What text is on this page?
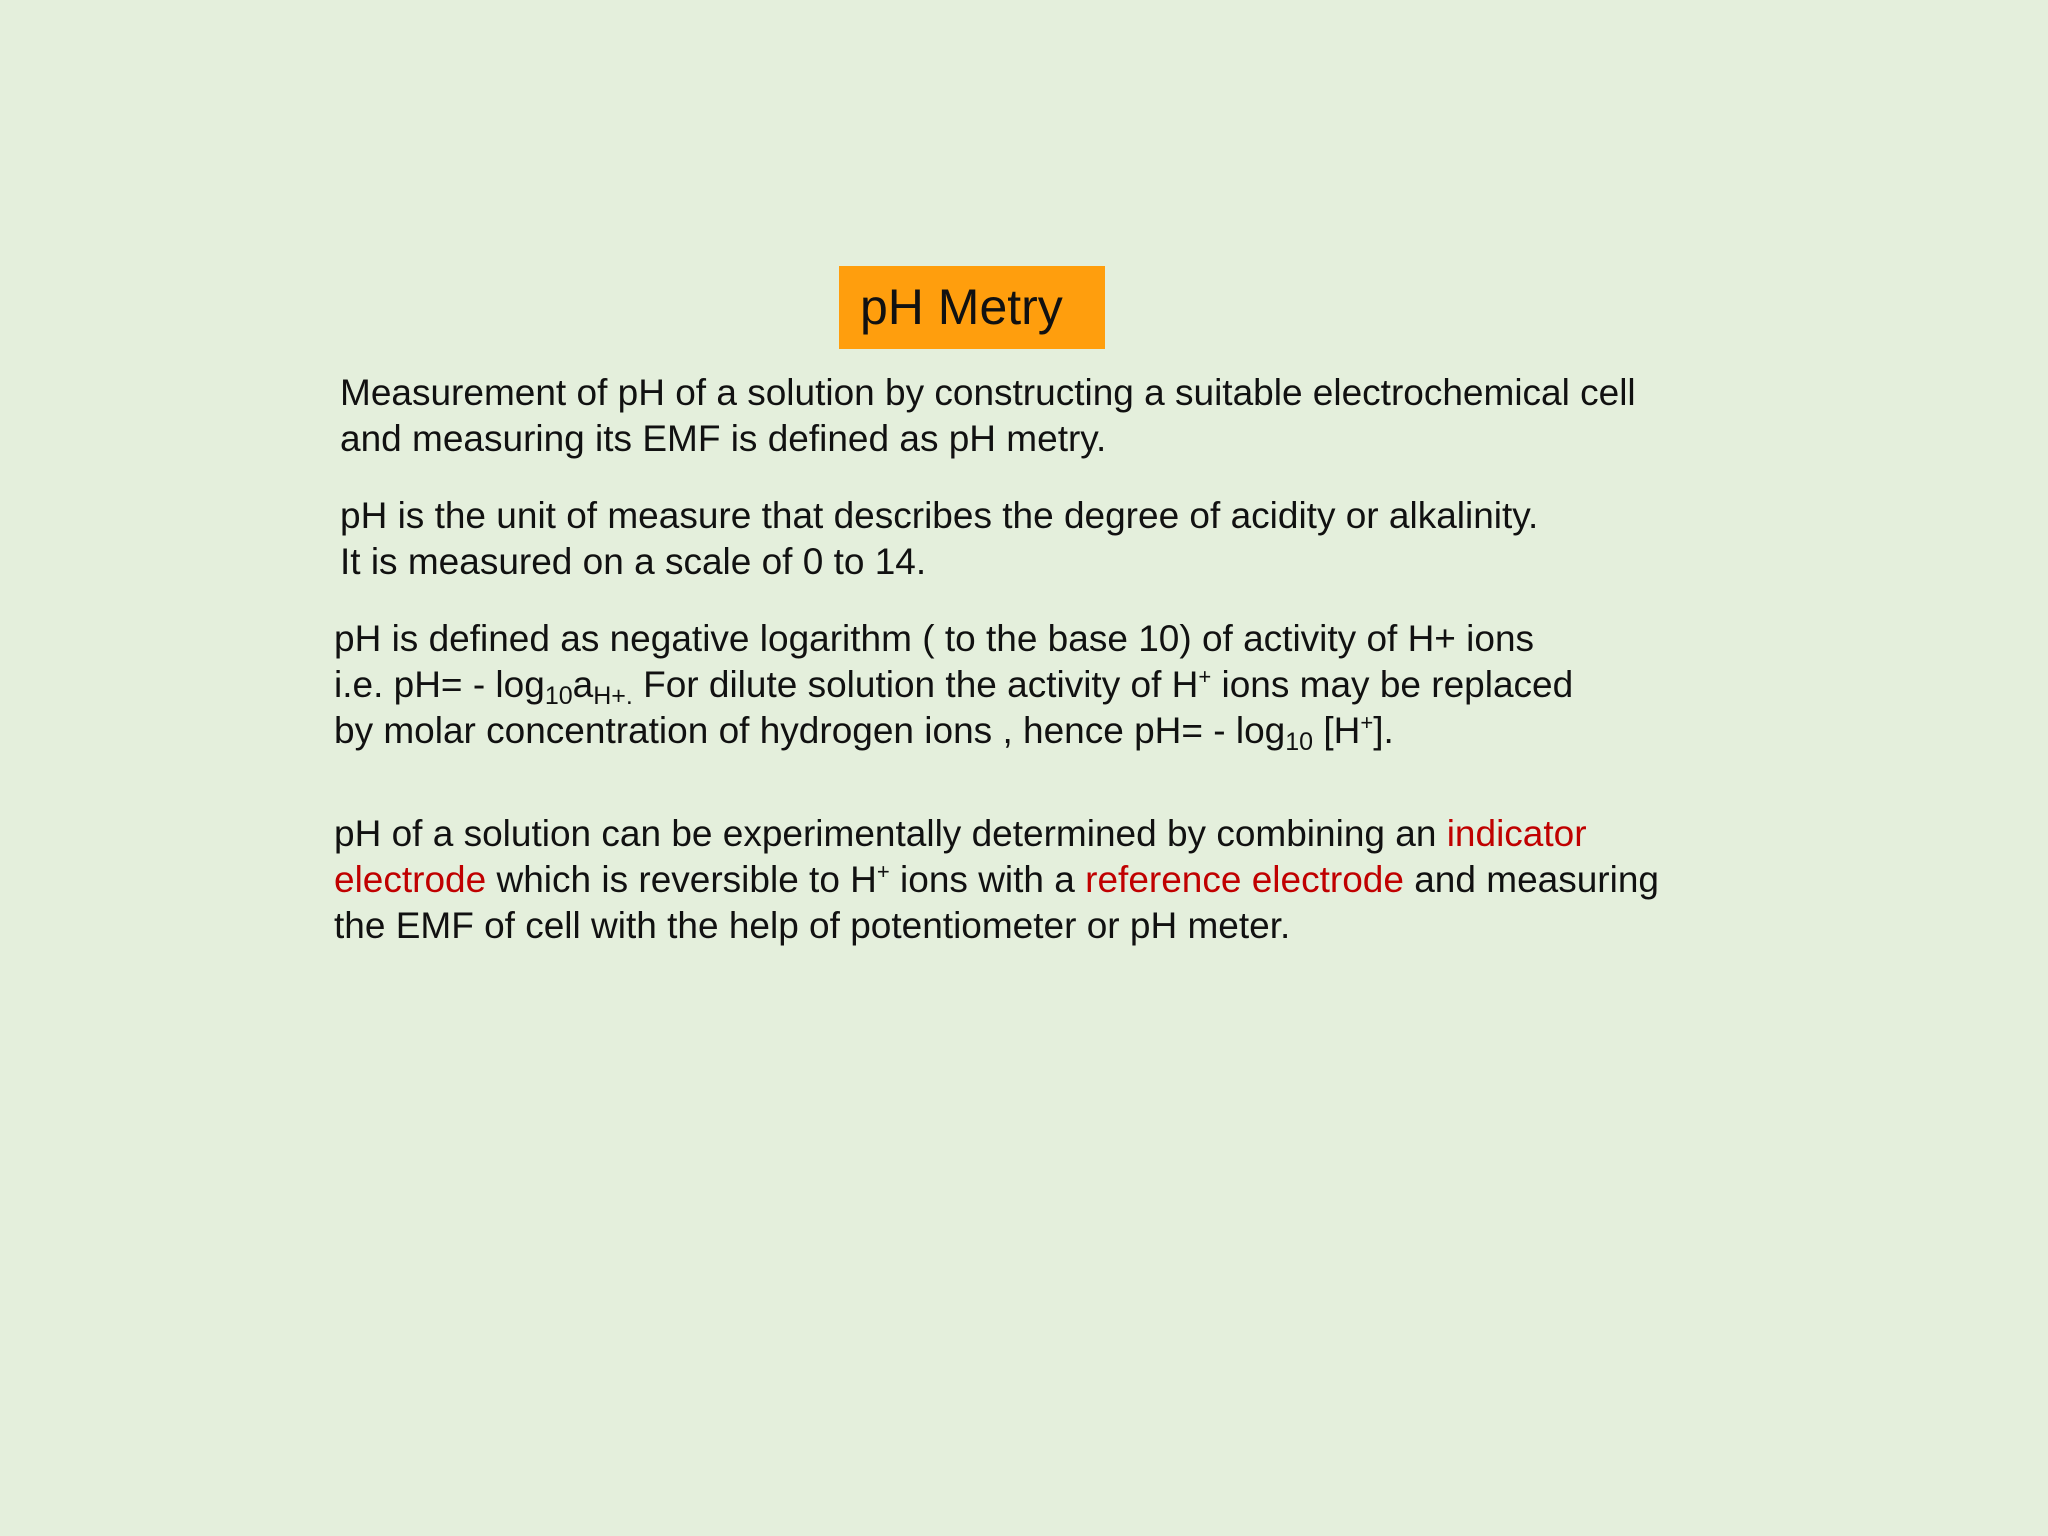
pH Metry

Measurement of pH of a solution by constructing a suitable electrochemical cell
and measuring its EMF is defined as pH metry.

pH is the unit of measure that describes the degree of acidity or alkalinity.
It is measured on a scale of 0 to 14.

pH is defined as negative logarithm ( to the base 10) of activity of H+ ions
i.e. $pH= - \log_{10}a_{H+.}$ For dilute solution the activity of H+ ions may be replaced
by molar concentration of hydrogen ions , hence $pH= - \log_{10} [H^+]$.

pH of a solution can be experimentally determined by combining an indicator
electrode which is reversible to H+ ions with a reference electrode and measuring
the EMF of cell with the help of potentiometer or pH meter.
